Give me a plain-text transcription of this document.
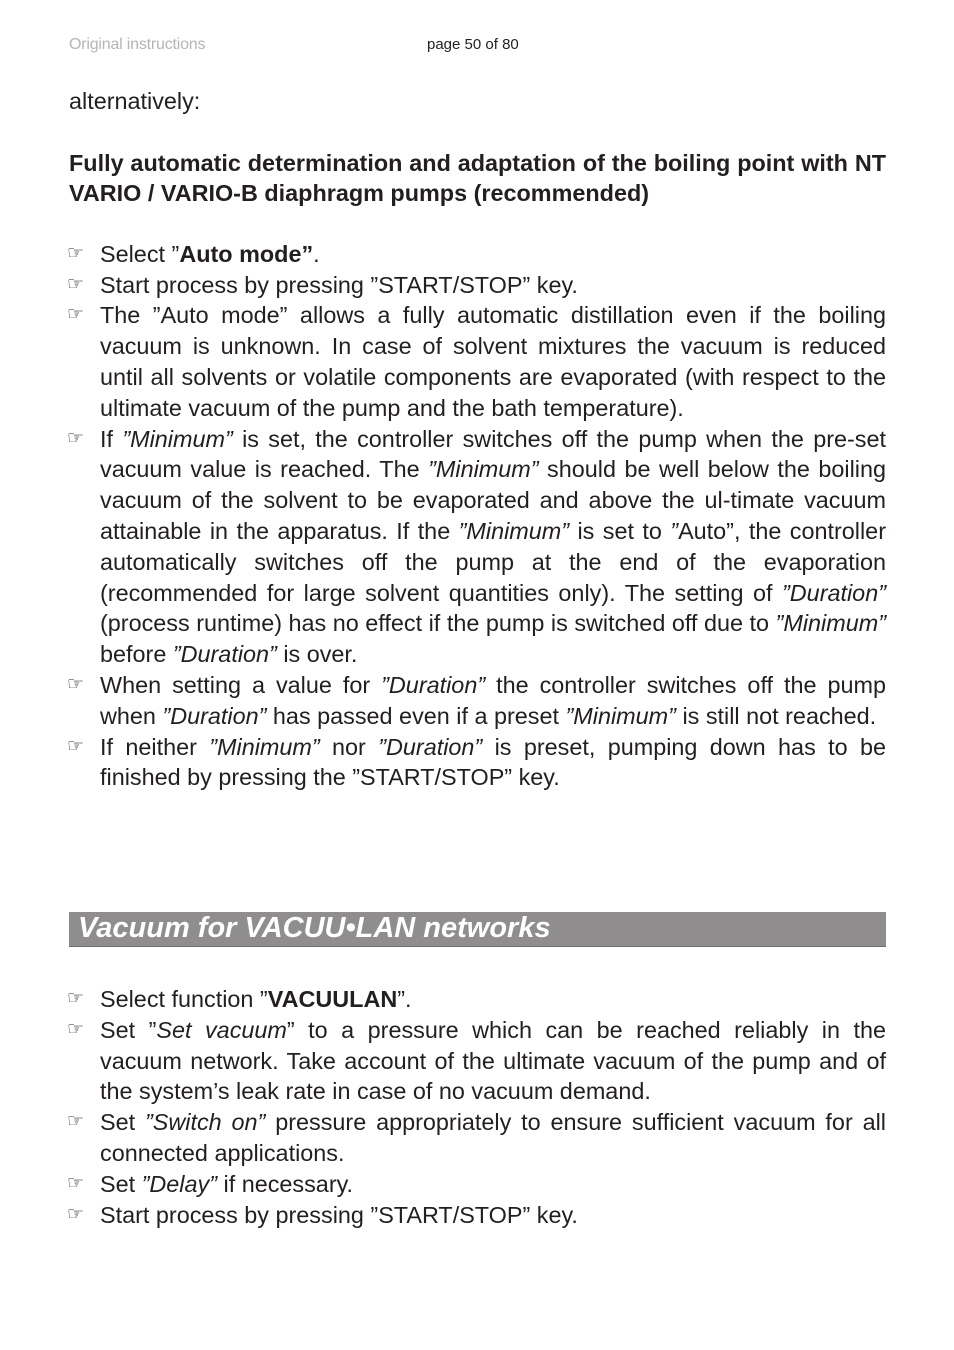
Original instructions	page 50 of 80

alternatively:

Fully automatic determination and adaptation of the boiling point with NT VARIO / VARIO-B diaphragm pumps (recommended)

☞ Select ”Auto mode”.
☞ Start process by pressing ”START/STOP” key.
☞ The ”Auto mode” allows a fully automatic distillation even if the boiling vacuum is unknown. In case of solvent mixtures the vacuum is reduced until all solvents or volatile components are evaporated (with respect to the ultimate vacuum of the pump and the bath temperature).
☞ If ”Minimum” is set, the controller switches off the pump when the pre-set vacuum value is reached. The ”Minimum” should be well below the boiling vacuum of the solvent to be evaporated and above the ul-timate vacuum attainable in the apparatus. If the ”Minimum” is set to ”Auto”, the controller automatically switches off the pump at the end of the evaporation (recommended for large solvent quantities only). The setting of ”Duration” (process runtime) has no effect if the pump is switched off due to ”Minimum” before ”Duration” is over.
☞ When setting a value for ”Duration” the controller switches off the pump when ”Duration” has passed even if a preset ”Minimum” is still not reached.
☞ If neither ”Minimum” nor ”Duration” is preset, pumping down has to be finished by pressing the ”START/STOP” key.
Vacuum for VACUU•LAN networks
☞ Select function ”VACUULAN”.
☞ Set ”Set vacuum” to a pressure which can be reached reliably in the vacuum network. Take account of the ultimate vacuum of the pump and of the system’s leak rate in case of no vacuum demand.
☞ Set ”Switch on” pressure appropriately to ensure sufficient vacuum for all connected applications.
☞ Set ”Delay” if necessary.
☞ Start process by pressing ”START/STOP” key.
